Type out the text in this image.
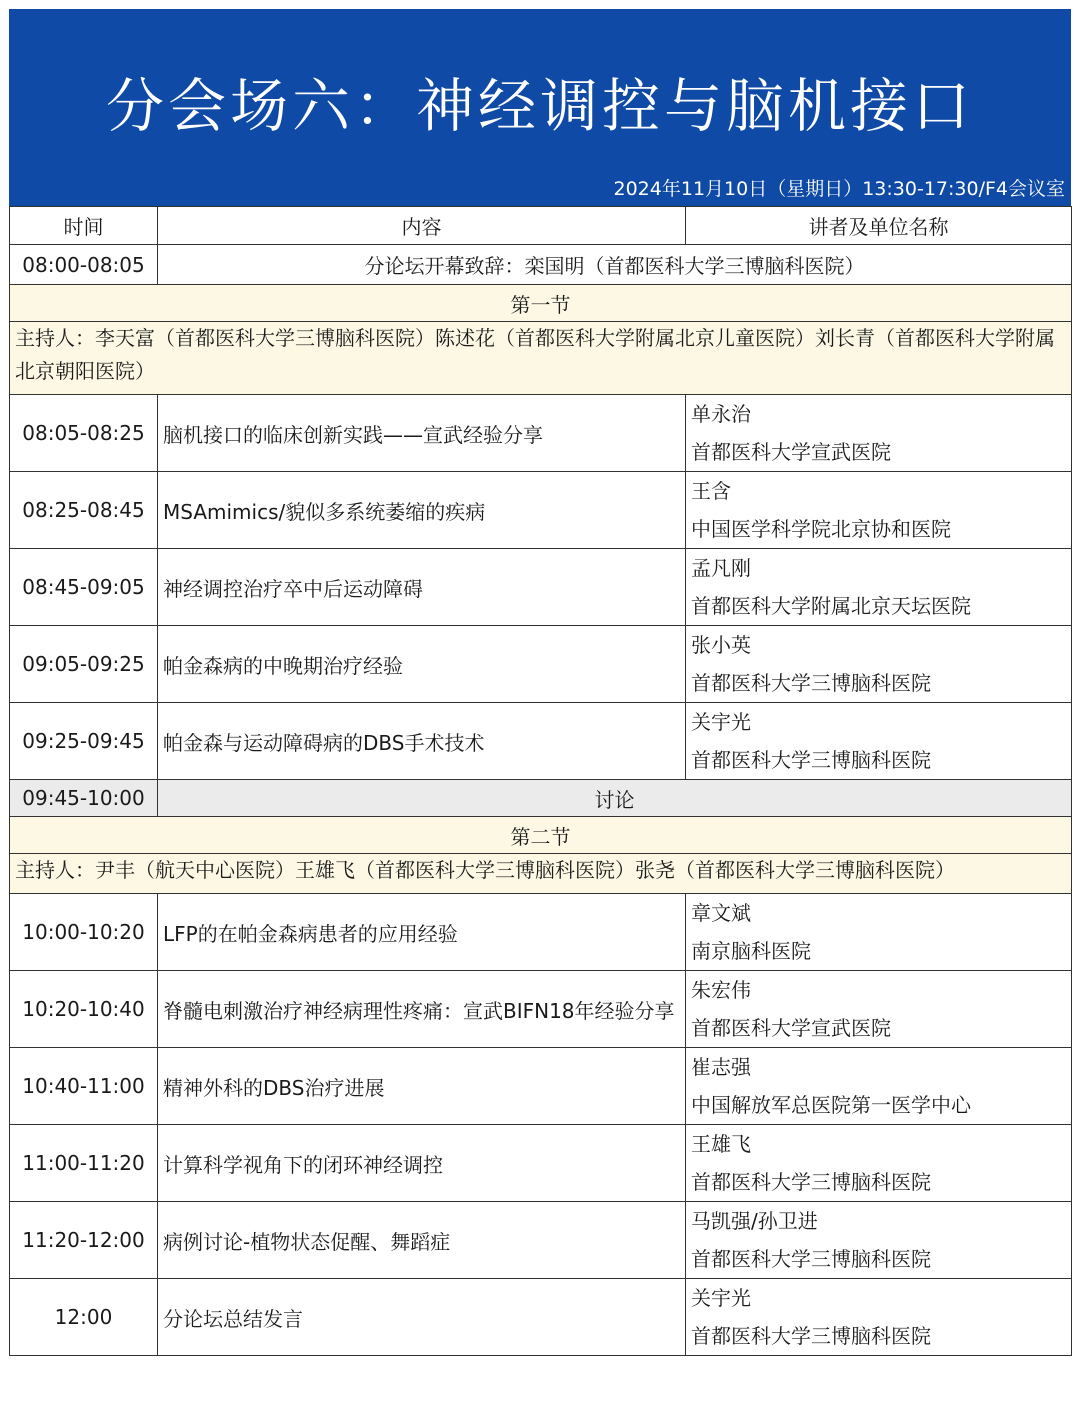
分会场六：神经调控与脑机接口
2024年11月10日（星期日）13:30-17:30/F4会议室
时间	内容	讲者及单位名称
08:00-08:05	分论坛开幕致辞：栾国明（首都医科大学三博脑科医院）	
第一节		
主持人：李天富（首都医科大学三博脑科医院）陈述花（首都医科大学附属北京儿童医院）刘长青（首都医科大学附属北京朝阳医院）		
08:05-08:25	脑机接口的临床创新实践——宣武经验分享	单永治
首都医科大学宣武医院

08:25-08:45	MSAmimics/貌似多系统萎缩的疾病	王含
中国医学科学院北京协和医院

08:45-09:05	神经调控治疗卒中后运动障碍	孟凡刚
首都医科大学附属北京天坛医院

09:05-09:25	帕金森病的中晚期治疗经验	张小英
首都医科大学三博脑科医院

09:25-09:45	帕金森与运动障碍病的DBS手术技术	关宇光
首都医科大学三博脑科医院

09:45-10:00	讨论	
第二节		
主持人：尹丰（航天中心医院）王雄飞（首都医科大学三博脑科医院）张尧（首都医科大学三博脑科医院）		
10:00-10:20	LFP的在帕金森病患者的应用经验	章文斌
南京脑科医院

10:20-10:40	脊髓电刺激治疗神经病理性疼痛：宣武BIFN18年经验分享	朱宏伟
首都医科大学宣武医院

10:40-11:00	精神外科的DBS治疗进展	崔志强
中国解放军总医院第一医学中心

11:00-11:20	计算科学视角下的闭环神经调控	王雄飞
首都医科大学三博脑科医院

11:20-12:00	病例讨论-植物状态促醒、舞蹈症	马凯强/孙卫进
首都医科大学三博脑科医院

12:00	分论坛总结发言	关宇光
首都医科大学三博脑科医院
